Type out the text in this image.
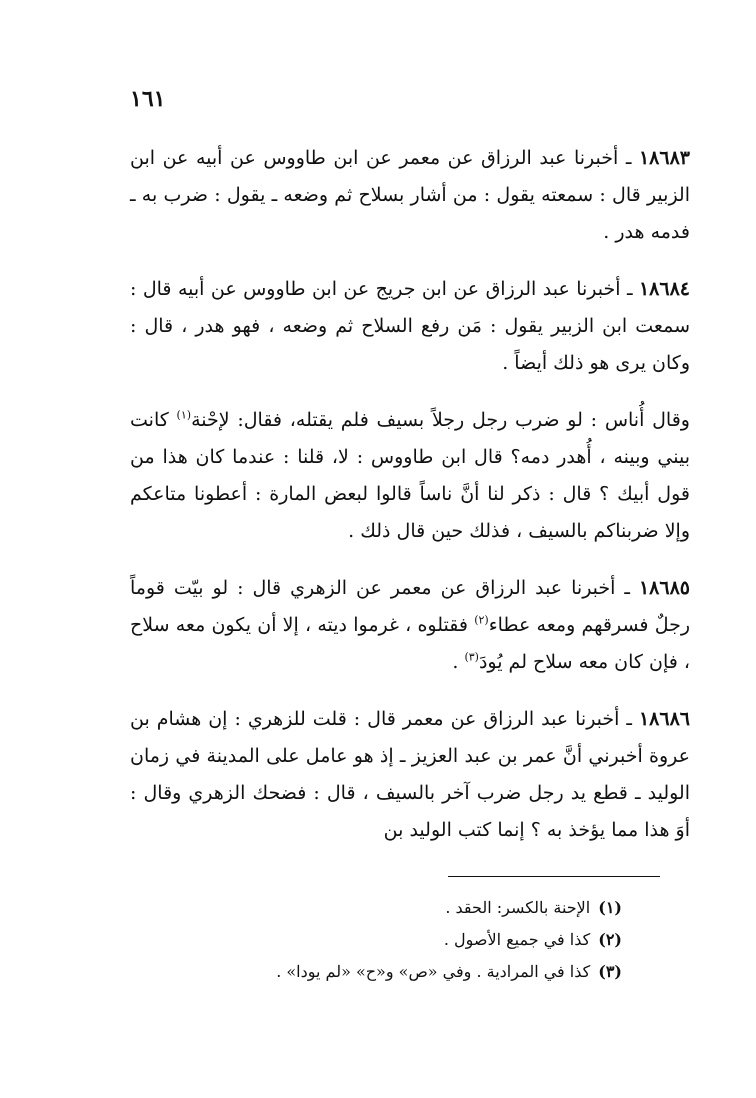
١٦١

١٨٦٨٣ ـ أخبرنا عبد الرزاق عن معمر عن ابن طاووس عن أبيه عن ابن الزبير قال : سمعته يقول : من أشار بسلاح ثم وضعه ـ يقول : ضرب به ـ فدمه هدر .

١٨٦٨٤ ـ أخبرنا عبد الرزاق عن ابن جريج عن ابن طاووس عن أبيه قال : سمعت ابن الزبير يقول : مَن رفع السلاح ثم وضعه ، فهو هدر ، قال : وكان يرى هو ذلك أيضاً .

وقال أُناس : لو ضرب رجل رجلاً بسيف فلم يقتله، فقال: لإحْنة$^{(١)}$ كانت بيني وبينه ، أُهدر دمه؟ قال ابن طاووس : لا، قلنا : عندما كان هذا من قول أبيك ؟ قال : ذكر لنا أنَّ ناساً قالوا لبعض المارة : أعطونا متاعكم وإلا ضربناكم بالسيف ، فذلك حين قال ذلك .

١٨٦٨٥ ـ أخبرنا عبد الرزاق عن معمر عن الزهري قال : لو بيّت قوماً رجلٌ فسرقهم ومعه عطاء$^{(٢)}$ فقتلوه ، غرموا ديته ، إلا أن يكون معه سلاح ، فإن كان معه سلاح لم يُودَ$^{(٣)}$ .

١٨٦٨٦ ـ أخبرنا عبد الرزاق عن معمر قال : قلت للزهري : إن هشام بن عروة أخبرني أنَّ عمر بن عبد العزيز ـ إذ هو عامل على المدينة في زمان الوليد ـ قطع يد رجل ضرب آخر بالسيف ، قال : فضحك الزهري وقال : أوَ هذا مما يؤخذ به ؟ إنما كتب الوليد بن

(١)الإحنة بالكسر: الحقد .

(٢)كذا في جميع الأصول .

(٣)كذا في المرادية . وفي «ص» و«ح» «لم يودا» .
